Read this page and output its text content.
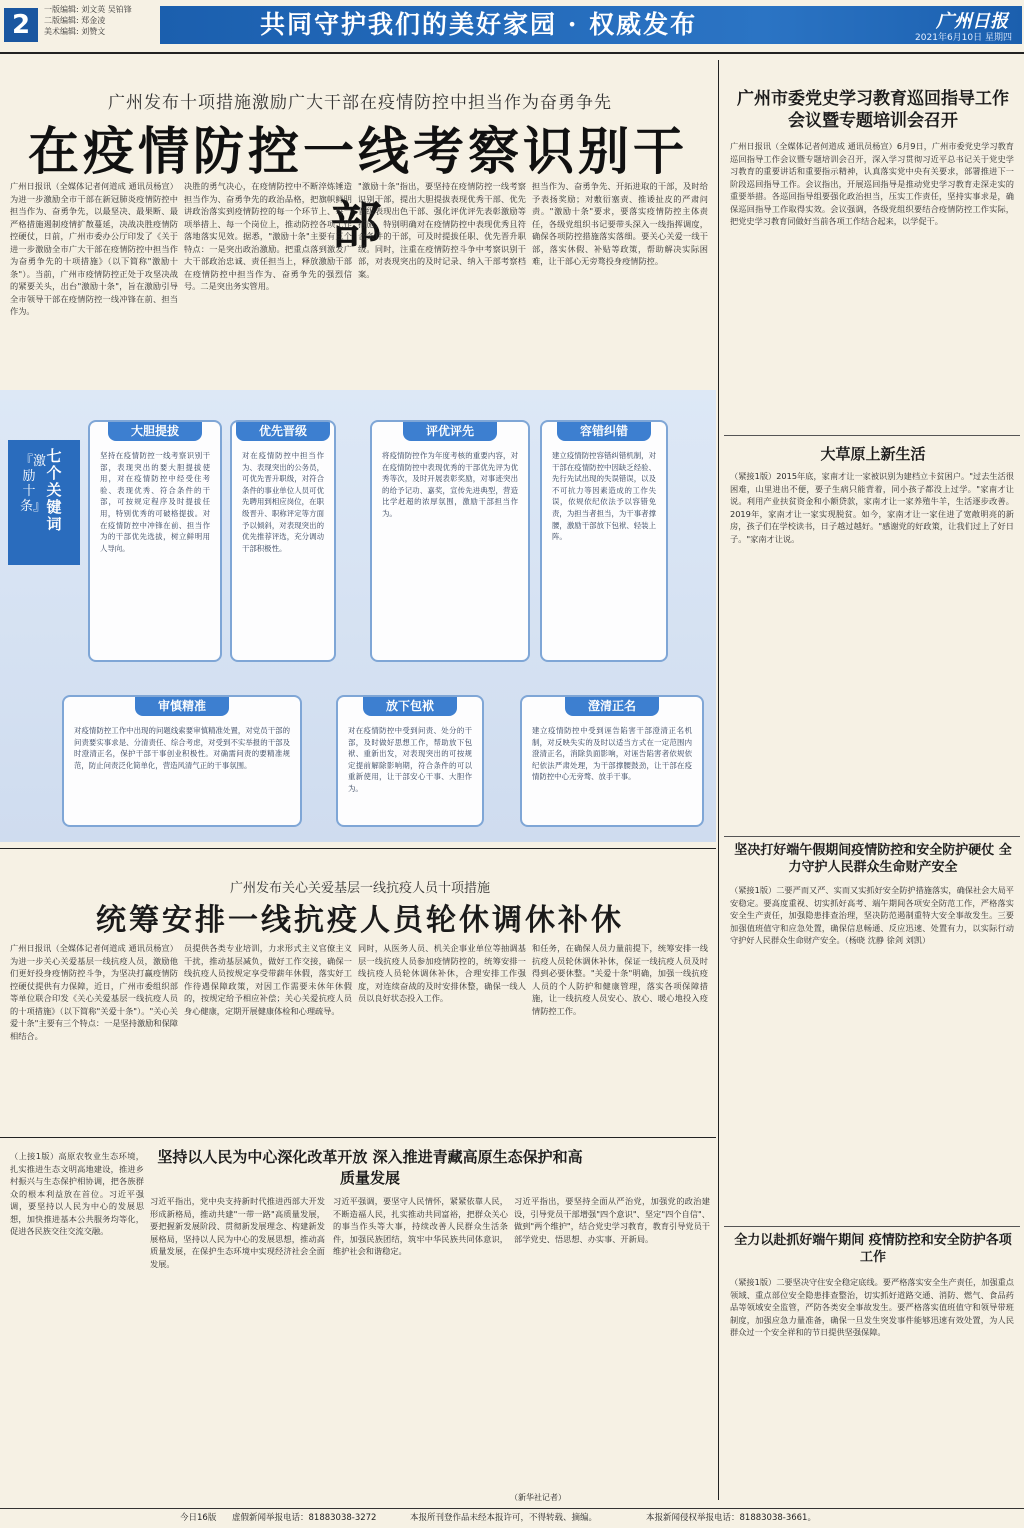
2
一版编辑: 刘文英 吴铂锋
二版编辑: 郑金凌
美术编辑: 刘赞文	共同守护我们的美好家园 · 权威发布	广州日报
2021年6月10日 星期四
广州发布十项措施激励广大干部在疫情防控中担当作为奋勇争先
在疫情防控一线考察识别干部
广州日报讯（全媒体记者何道成 通讯员杨宣）为进一步激励全市干部在新冠肺炎疫情防控中担当作为、奋勇争先，以最坚决、最果断、最严格措施遏制疫情扩散蔓延，决战决胜疫情防控硬仗，日前，广州市委办公厅印发了《关于进一步激励全市广大干部在疫情防控中担当作为奋勇争先的十项措施》（以下简称"激励十条"）。当前，广州市疫情防控正处于攻坚决战的紧要关头，出台"激励十条"，旨在激励引导全市领导干部在疫情防控一线冲锋在前、担当作为。
决胜的勇气决心，在疫情防控中不断淬炼锤造担当作为、奋勇争先的政治品格，把旗帜鲜明讲政治落实到疫情防控的每一个环节上、每一项举措上、每一个岗位上，推动防控各项工作落地落实见效。据悉，"激励十条"主要有三个特点：一是突出政治激励。把重点落到激发广大干部政治忠诚、责任担当上，释放激励干部在疫情防控中担当作为、奋勇争先的强烈信号。二是突出务实管用。
"激励十条"指出，要坚持在疫情防控一线考察识别干部，提出大胆提拔表现优秀干部、优先晋级表现出色干部、强化评优评先表彰激励等措施，特别明确对在疫情防控中表现优秀且符合条件的干部，可及时提拔任职、优先晋升职级。同时，注重在疫情防控斗争中考察识别干部，对表现突出的及时记录、纳入干部考察档案。
担当作为、奋勇争先、开拓进取的干部，及时给予表扬奖励；对敷衍塞责、推诿扯皮的严肃问责。"激励十条"要求，要落实疫情防控主体责任，各级党组织书记要带头深入一线指挥调度，确保各项防控措施落实落细。要关心关爱一线干部，落实休假、补贴等政策，帮助解决实际困难，让干部心无旁骛投身疫情防控。
七个关键词
『激励十条』
大胆提拔
坚持在疫情防控一线考察识别干部，表现突出的要大胆提拔使用，对在疫情防控中经受住考验、表现优秀、符合条件的干部，可按规定程序及时提拔任用，特别优秀的可破格提拔。对在疫情防控中冲锋在前、担当作为的干部优先选拔，树立鲜明用人导向。
优先晋级
对在疫情防控中担当作为、表现突出的公务员，可优先晋升职级，对符合条件的事业单位人员可优先聘用到相应岗位，在职级晋升、职称评定等方面予以倾斜，对表现突出的优先推荐评选，充分调动干部积极性。
评优评先
将疫情防控作为年度考核的重要内容，对在疫情防控中表现优秀的干部优先评为优秀等次，及时开展表彰奖励，对事迹突出的给予记功、嘉奖，宣传先进典型，营造比学赶超的浓厚氛围，激励干部担当作为。
容错纠错
建立疫情防控容错纠错机制，对干部在疫情防控中因缺乏经验、先行先试出现的失误错误，以及不可抗力等因素造成的工作失误，依规依纪依法予以容错免责，为担当者担当，为干事者撑腰，激励干部放下包袱、轻装上阵。
审慎精准
对疫情防控工作中出现的问题线索要审慎精准处置，对党员干部的问责要实事求是、分清责任、综合考虑，对受到不实举报的干部及时澄清正名，保护干部干事创业积极性。对确需问责的要精准规范，防止问责泛化简单化，营造风清气正的干事氛围。
放下包袱
对在疫情防控中受到问责、处分的干部，及时做好思想工作，帮助放下包袱、重新出发，对表现突出的可按规定提前解除影响期，符合条件的可以重新使用，让干部安心干事、大胆作为。
澄清正名
建立疫情防控中受到诬告陷害干部澄清正名机制，对反映失实的及时以适当方式在一定范围内澄清正名，消除负面影响，对诬告陷害者依规依纪依法严肃处理，为干部撑腰鼓劲，让干部在疫情防控中心无旁骛、放手干事。
广州发布关心关爱基层一线抗疫人员十项措施
统筹安排一线抗疫人员轮休调休补休
广州日报讯（全媒体记者何道成 通讯员杨宣）为进一步关心关爱基层一线抗疫人员，激励他们更好投身疫情防控斗争，为坚决打赢疫情防控硬仗提供有力保障，近日，广州市委组织部等单位联合印发《关心关爱基层一线抗疫人员的十项措施》（以下简称"关爱十条"）。"关心关爱十条"主要有三个特点：一是坚持激励和保障相结合。
员提供各类专业培训，力求形式主义官僚主义干扰，推动基层减负，做好工作交接，确保一线抗疫人员按规定享受带薪年休假，落实好工作待遇保障政策，对因工作需要未休年休假的，按规定给予相应补偿；关心关爱抗疫人员身心健康，定期开展健康体检和心理疏导。
同时，从医务人员、机关企事业单位等抽调基层一线抗疫人员参加疫情防控的，统筹安排一线抗疫人员轮休调休补休，合理安排工作强度，对连续奋战的及时安排休整，确保一线人员以良好状态投入工作。
和任务，在确保人员力量前提下，统筹安排一线抗疫人员轮休调休补休，保证一线抗疫人员及时得到必要休整。"关爱十条"明确，加强一线抗疫人员的个人防护和健康管理，落实各项保障措施，让一线抗疫人员安心、放心、暖心地投入疫情防控工作。
坚持以人民为中心深化改革开放 深入推进青藏高原生态保护和高质量发展
（上接1版）高原农牧业生态环境，扎实推进生态文明高地建设，推进乡村振兴与生态保护相协调，把各族群众的根本利益放在首位。习近平强调，要坚持以人民为中心的发展思想，加快推进基本公共服务均等化，促进各民族交往交流交融。
习近平指出，党中央支持新时代推进西部大开发形成新格局，推动共建"一带一路"高质量发展，要把握新发展阶段、贯彻新发展理念、构建新发展格局，坚持以人民为中心的发展思想，推动高质量发展，在保护生态环境中实现经济社会全面发展。
习近平强调，要坚守人民情怀，紧紧依靠人民，不断造福人民，扎实推动共同富裕，把群众关心的事当作头等大事，持续改善人民群众生活条件，加强民族团结，筑牢中华民族共同体意识，维护社会和谐稳定。
习近平指出，要坚持全面从严治党，加强党的政治建设，引导党员干部增强"四个意识"、坚定"四个自信"、做到"两个维护"，结合党史学习教育，教育引导党员干部学党史、悟思想、办实事、开新局。
（新华社记者）
广州市委党史学习教育巡回指导工作会议暨专题培训会召开
广州日报讯（全媒体记者何道成 通讯员杨宣）6月9日，广州市委党史学习教育巡回指导工作会议暨专题培训会召开，深入学习贯彻习近平总书记关于党史学习教育的重要讲话和重要指示精神，认真落实党中央有关要求，部署推进下一阶段巡回指导工作。会议指出，开展巡回指导是推动党史学习教育走深走实的重要举措。各巡回指导组要强化政治担当，压实工作责任，坚持实事求是，确保巡回指导工作取得实效。会议强调，各级党组织要结合疫情防控工作实际，把党史学习教育同做好当前各项工作结合起来，以学促干。
大草原上新生活
（紧接1版）2015年底，家南才让一家被识别为建档立卡贫困户。"过去生活很困难，山里进出不便，要子生病只能背着，同小孩子都没上过学。"家南才让说。利用产业扶贫资金和小额贷款，家南才让一家养殖牛羊，生活逐步改善。2019年，家南才让一家实现脱贫。如今，家南才让一家住进了宽敞明亮的新房，孩子们在学校读书，日子越过越好。"感谢党的好政策，让我们过上了好日子。"家南才让说。
坚决打好端午假期间疫情防控和安全防护硬仗 全力守护人民群众生命财产安全
（紧接1版）二要严而又严、实而又实抓好安全防护措施落实，确保社会大局平安稳定。要高度重视、切实抓好高考、端午期间各项安全防范工作，严格落实安全生产责任，加强隐患排查治理，坚决防范遏制重特大安全事故发生。三要加强值班值守和应急处置，确保信息畅通、反应迅速、处置有力，以实际行动守护好人民群众生命财产安全。（杨晓 沈静 徐剑 刘凯）
全力以赴抓好端午期间 疫情防控和安全防护各项工作
（紧接1版）二要坚决守住安全稳定底线。要严格落实安全生产责任，加强重点领域、重点部位安全隐患排查整治，切实抓好道路交通、消防、燃气、食品药品等领域安全监管，严防各类安全事故发生。要严格落实值班值守和领导带班制度，加强应急力量准备，确保一旦发生突发事件能够迅速有效处置，为人民群众过一个安全祥和的节日提供坚强保障。
今日16版 虚假新闻举报电话：81883038-3272	本报所刊登作品未经本报许可，不得转载、摘编。	本报新闻侵权举报电话：81883038-3661。
